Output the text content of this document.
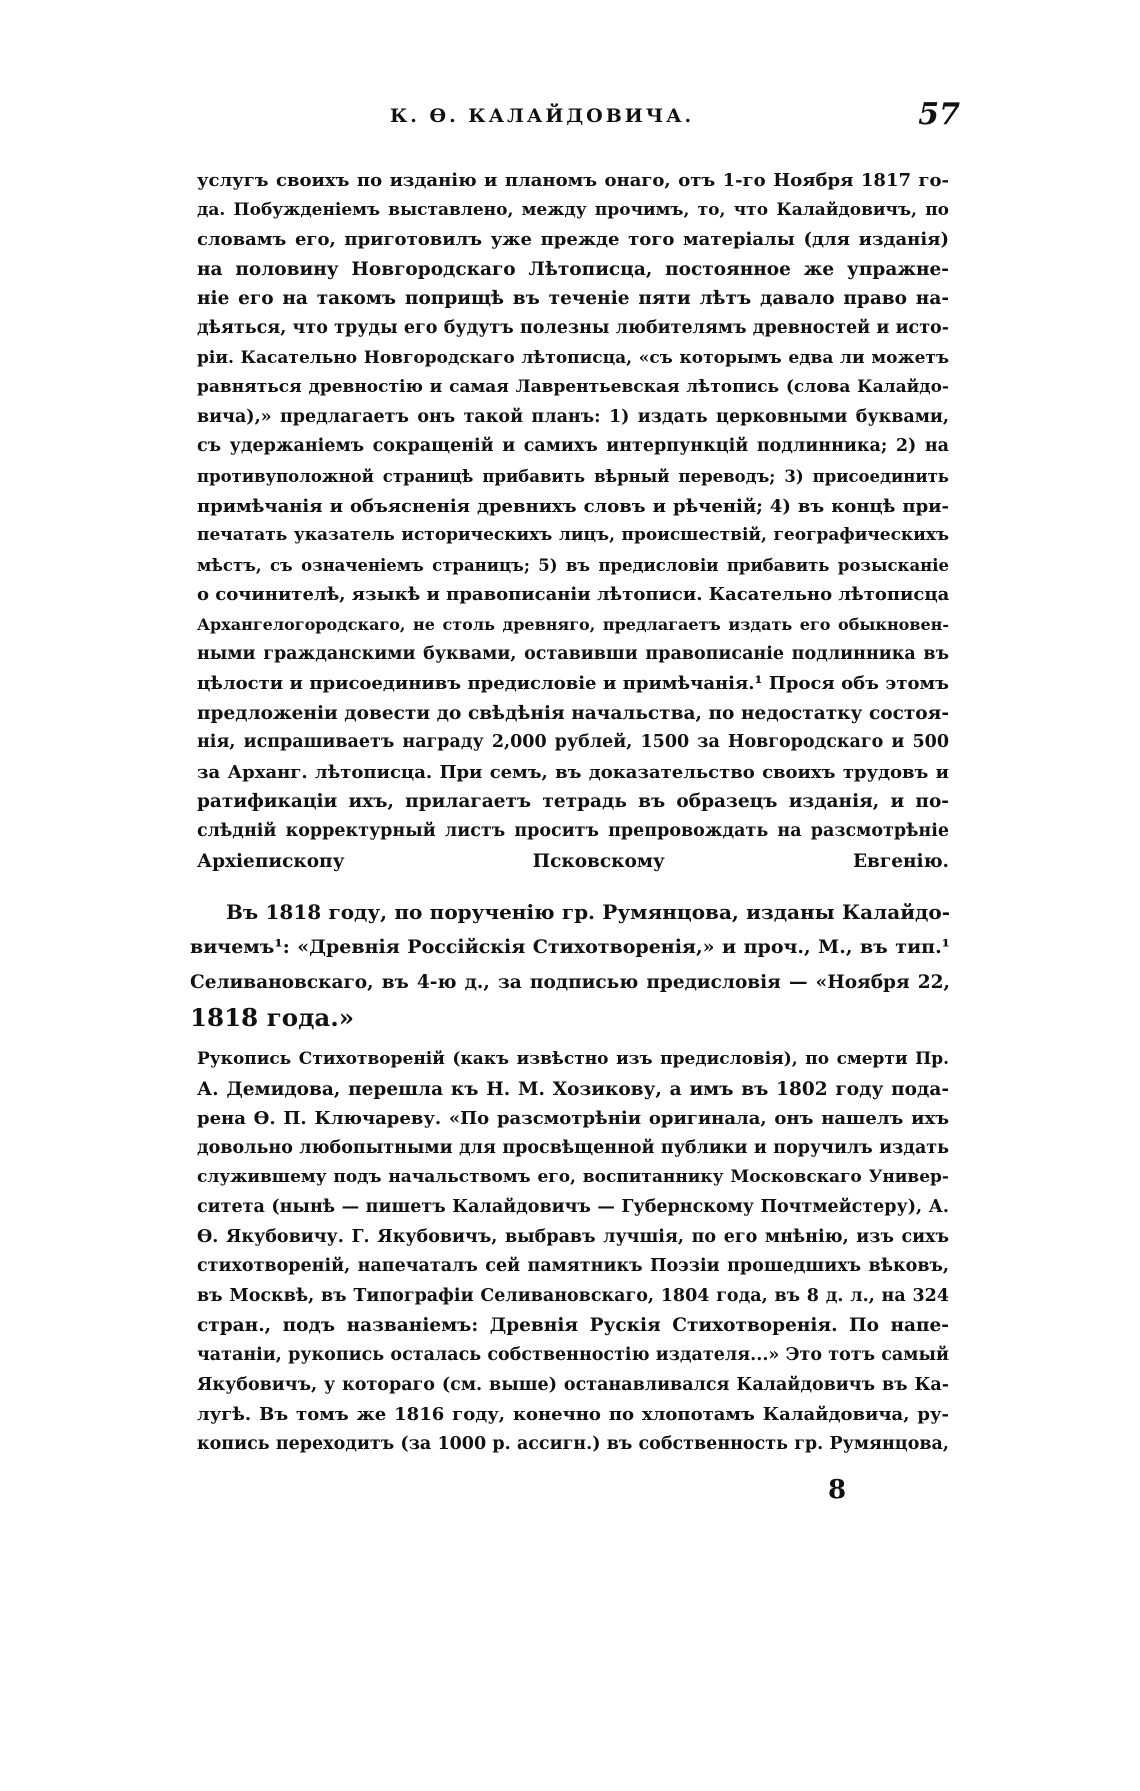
К. Ѳ. КАЛАЙДОВИЧА.	57
услугъ своихъ по изданію и планомъ онаго, отъ 1-го Ноября 1817 го-
да. Побужденіемъ выставлено, между прочимъ, то, что Калайдовичъ, по
словамъ его, приготовилъ уже прежде того матеріалы (для изданія)
на половину Новгородскаго Лѣтописца, постоянное же упражне-
ніе его на такомъ поприщѣ въ теченіе пяти лѣтъ давало право на-
дѣяться, что труды его будутъ полезны любителямъ древностей и исто-
ріи. Касательно Новгородскаго лѣтописца, «съ которымъ едва ли можетъ
равняться древностію и самая Лаврентьевская лѣтопись (слова Калайдо-
вича),» предлагаетъ онъ такой планъ: 1) издать церковными буквами,
съ удержаніемъ сокращеній и самихъ интерпункцій подлинника; 2) на
противуположной страницѣ прибавить вѣрный переводъ; 3) присоединить
примѣчанія и объясненія древнихъ словъ и рѣченій; 4) въ концѣ при-
печатать указатель историческихъ лицъ, происшествій, географическихъ
мѣстъ, съ означеніемъ страницъ; 5) въ предисловіи прибавить розысканіе
о сочинителѣ, языкѣ и правописаніи лѣтописи. Касательно лѣтописца
Архангелогородскаго, не столь древняго, предлагаетъ издать его обыкновен-
ными гражданскими буквами, оставивши правописаніе подлинника въ
цѣлости и присоединивъ предисловіе и примѣчанія.¹ Прося объ этомъ
предложеніи довести до свѣдѣнія начальства, по недостатку состоя-
нія, испрашиваетъ награду 2,000 рублей, 1500 за Новгородскаго и 500
за Арханг. лѣтописца. При семъ, въ доказательство своихъ трудовъ и
ратификаціи ихъ, прилагаетъ тетрадь въ образецъ изданія, и по-
слѣдній корректурный листъ проситъ препровождать на разсмотрѣніе
Архіепископу Псковскому Евгенію.
Въ 1818 году, по порученію гр. Румянцова, изданы Калайдо-
вичемъ¹: «Древнія Россійскія Стихотворенія,» и проч., М., въ тип.¹
Селивановскаго, въ 4-ю д., за подписью предисловія — «Ноября 22,
1818 года.»
Рукопись Стихотвореній (какъ извѣстно изъ предисловія), по смерти Пр.
А. Демидова, перешла къ Н. М. Хозикову, а имъ въ 1802 году пода-
рена Ѳ. П. Ключареву. «По разсмотрѣніи оригинала, онъ нашелъ ихъ
довольно любопытными для просвѣщенной публики и поручилъ издать
служившему подъ начальствомъ его, воспитаннику Московскаго Универ-
ситета (нынѣ — пишетъ Калайдовичъ — Губернскому Почтмейстеру), А.
Ѳ. Якубовичу. Г. Якубовичъ, выбравъ лучшія, по его мнѣнію, изъ сихъ
стихотвореній, напечаталъ сей памятникъ Поэзіи прошедшихъ вѣковъ,
въ Москвѣ, въ Типографіи Селивановскаго, 1804 года, въ 8 д. л., на 324
стран., подъ названіемъ: Древнія Рускія Стихотворенія. По напе-
чатаніи, рукопись осталась собственностію издателя...» Это тотъ самый
Якубовичъ, у котораго (см. выше) останавливался Калайдовичъ въ Ка-
лугѣ. Въ томъ же 1816 году, конечно по хлопотамъ Калайдовича, ру-
копись переходитъ (за 1000 р. ассигн.) въ собственность гр. Румянцова,
8
